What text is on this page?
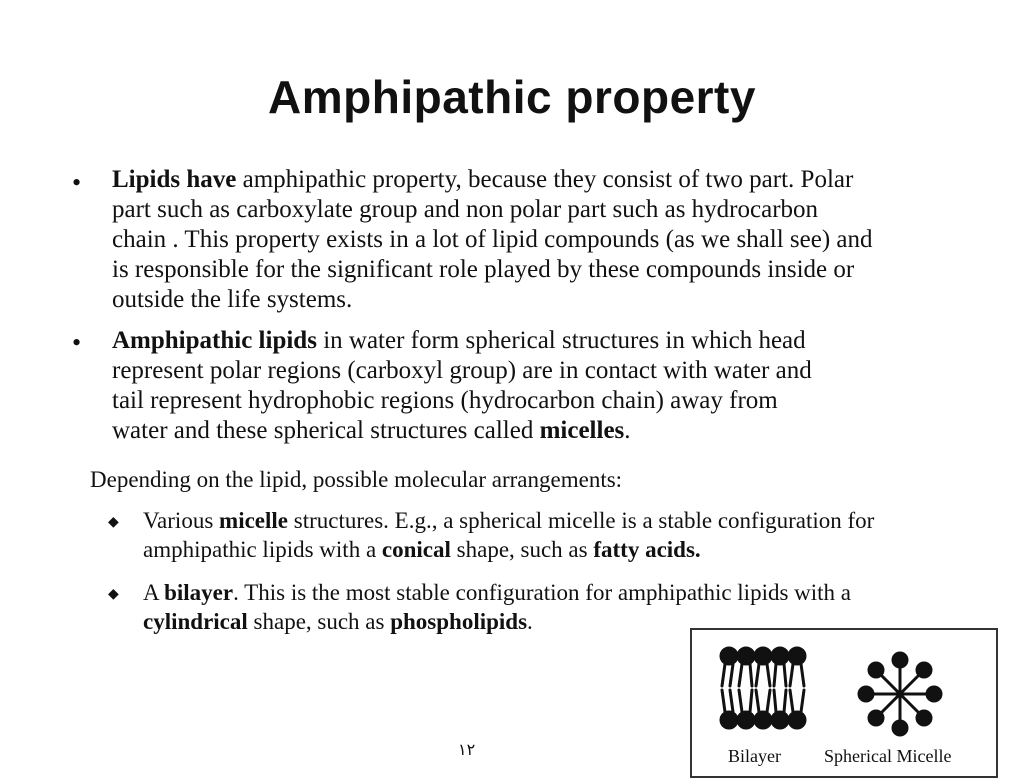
Amphipathic property
• Lipids have amphipathic property, because they consist of two part. Polar
part such as carboxylate group and non polar part such as hydrocarbon
chain . This property exists in a lot of lipid compounds (as we shall see) and
is responsible for the significant role played by these compounds inside or
outside the life systems.
• Amphipathic lipids in water form spherical structures in which head
represent polar regions (carboxyl group) are in contact with water and
tail represent hydrophobic regions (hydrocarbon chain) away from
water and these spherical structures called micelles.
Depending on the lipid, possible molecular arrangements:
◆ Various micelle structures. E.g., a spherical micelle is a stable configuration for
amphipathic lipids with a conical shape, such as fatty acids.
◆ A bilayer. This is the most stable configuration for amphipathic lipids with a
cylindrical shape, such as phospholipids.
Bilayer Spherical Micelle
١٢
